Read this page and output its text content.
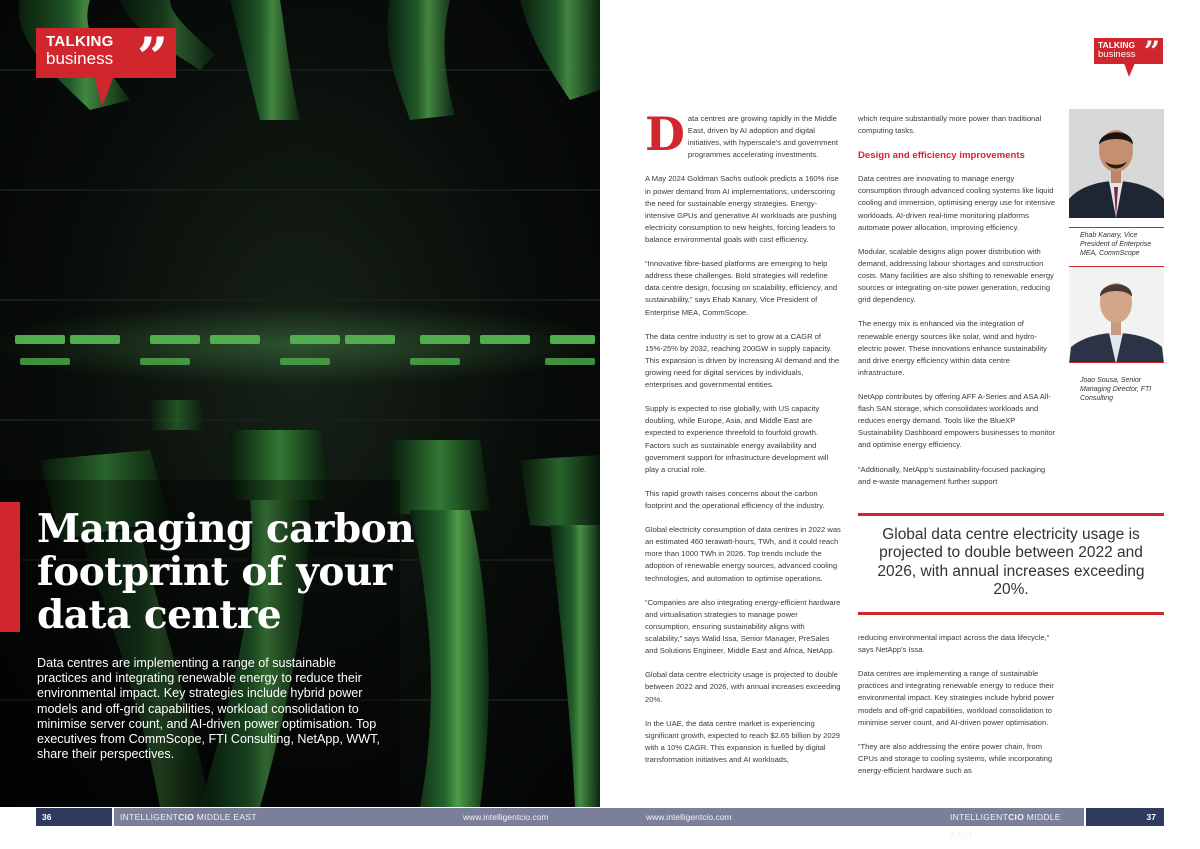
TALKING
business ”
Managing carbon
footprint of your
data centre

Data centres are implementing a range of sustainable practices and integrating renewable energy to reduce their environmental impact. Key strategies include hybrid power models and off-grid capabilities, workload consolidation to minimise server count, and AI-driven power optimisation. Top executives from CommScope, FTI Consulting, NetApp, WWT, share their perspectives.

TALKING
business ”

Data centres are growing rapidly in the Middle East, driven by AI adoption and digital initiatives, with hyperscale’s and government programmes accelerating investments.

A May 2024 Goldman Sachs outlook predicts a 160% rise in power demand from AI implementations, underscoring the need for sustainable energy strategies. Energy-intensive GPUs and generative AI workloads are pushing electricity consumption to new heights, forcing leaders to balance environmental goals with cost efficiency.

“Innovative fibre-based platforms are emerging to help address these challenges. Bold strategies will redefine data centre design, focusing on scalability, efficiency, and sustainability,” says Ehab Kanary, Vice President of Enterprise MEA, CommScope.

The data centre industry is set to grow at a CAGR of 15%-25% by 2032, reaching 200GW in supply capacity. This expansion is driven by increasing AI demand and the growing need for digital services by individuals, enterprises and governmental entities.

Supply is expected to rise globally, with US capacity doubling, while Europe, Asia, and Middle East are expected to experience threefold to fourfold growth. Factors such as sustainable energy availability and government support for infrastructure development will play a crucial role.

This rapid growth raises concerns about the carbon footprint and the operational efficiency of the industry.

Global electricity consumption of data centres in 2022 was an estimated 460 terawatt-hours, TWh, and it could reach more than 1000 TWh in 2026. Top trends include the adoption of renewable energy sources, advanced cooling technologies, and automation to optimise operations.

“Companies are also integrating energy-efficient hardware and virtualisation strategies to manage power consumption, ensuring sustainability aligns with scalability,” says Walid Issa, Senior Manager, PreSales and Solutions Engineer, Middle East and Africa, NetApp.

Global data centre electricity usage is projected to double between 2022 and 2026, with annual increases exceeding 20%.

In the UAE, the data centre market is experiencing significant growth, expected to reach $2.65 billion by 2029 with a 10% CAGR. This expansion is fuelled by digital transformation initiatives and AI workloads,

which require substantially more power than traditional computing tasks.

Design and efficiency improvements

Data centres are innovating to manage energy consumption through advanced cooling systems like liquid cooling and immersion, optimising energy use for intensive workloads. AI-driven real-time monitoring platforms automate power allocation, improving efficiency.

Modular, scalable designs align power distribution with demand, addressing labour shortages and construction costs. Many facilities are also shifting to renewable energy sources or integrating on-site power generation, reducing grid dependency.

The energy mix is enhanced via the integration of renewable energy sources like solar, wind and hydro-electric power. These innovations enhance sustainability and drive energy efficiency within data centre infrastructure.

NetApp contributes by offering AFF A-Series and ASA All-flash SAN storage, which consolidates workloads and reduces energy demand. Tools like the BlueXP Sustainability Dashboard empowers businesses to monitor and optimise energy efficiency.

“Additionally, NetApp’s sustainability-focused packaging and e-waste management further support

Global data centre electricity usage is projected to double between 2022 and 2026, with annual increases exceeding 20%.

reducing environmental impact across the data lifecycle,” says NetApp’s Issa.

Data centres are implementing a range of sustainable practices and integrating renewable energy to reduce their environmental impact. Key strategies include hybrid power models and off-grid capabilities, workload consolidation to minimise server count, and AI-driven power optimisation.

“They are also addressing the entire power chain, from CPUs and storage to cooling systems, while incorporating energy-efficient hardware such as

Ehab Kanary, Vice President of Enterprise MEA, CommScope

Joao Sousa, Senior Managing Director, FTI Consulting

36	INTELLIGENTCIO MIDDLE EAST	www.intelligentcio.com	www.intelligentcio.com	INTELLIGENTCIO MIDDLE EAST
37
